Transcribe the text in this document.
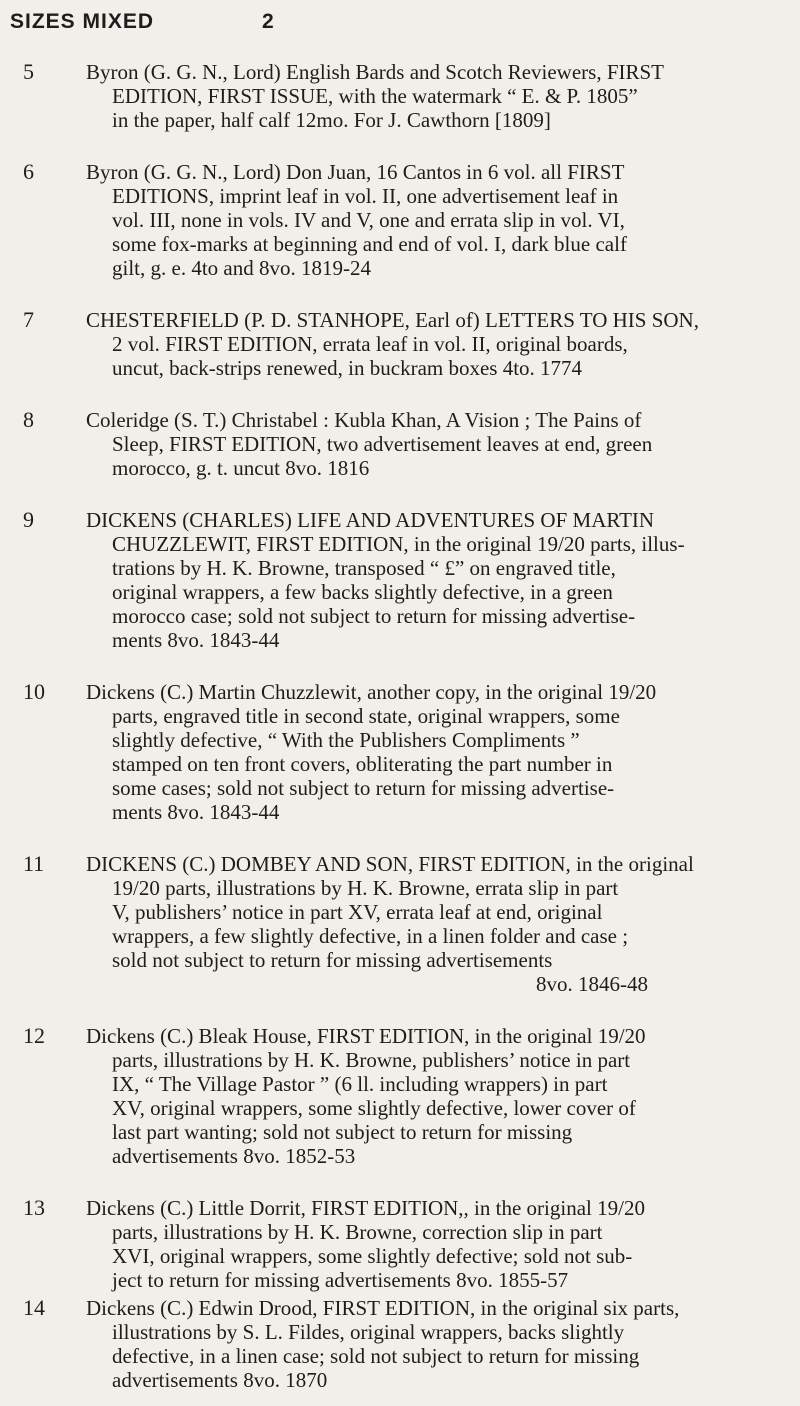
SIZES MIXED	2
5	Byron (G. G. N., Lord) English Bards and Scotch Reviewers, FIRST
EDITION, FIRST ISSUE, with the watermark “ E. & P. 1805”
in the paper, half calf 12mo. For J. Cawthorn [1809]
6	Byron (G. G. N., Lord) Don Juan, 16 Cantos in 6 vol. all FIRST
EDITIONS, imprint leaf in vol. II, one advertisement leaf in
vol. III, none in vols. IV and V, one and errata slip in vol. VI,
some fox-marks at beginning and end of vol. I, dark blue calf
gilt, g. e. 4to and 8vo. 1819-24
7	CHESTERFIELD (P. D. STANHOPE, Earl of) LETTERS TO HIS SON,
2 vol. FIRST EDITION, errata leaf in vol. II, original boards,
uncut, back-strips renewed, in buckram boxes 4to. 1774
8	Coleridge (S. T.) Christabel : Kubla Khan, A Vision ; The Pains of
Sleep, FIRST EDITION, two advertisement leaves at end, green
morocco, g. t. uncut 8vo. 1816
9	DICKENS (CHARLES) LIFE AND ADVENTURES OF MARTIN
CHUZZLEWIT, FIRST EDITION, in the original 19/20 parts, illus-
trations by H. K. Browne, transposed “ £” on engraved title,
original wrappers, a few backs slightly defective, in a green
morocco case; sold not subject to return for missing advertise-
ments 8vo. 1843-44
10	Dickens (C.) Martin Chuzzlewit, another copy, in the original 19/20
parts, engraved title in second state, original wrappers, some
slightly defective, “ With the Publishers Compliments ”
stamped on ten front covers, obliterating the part number in
some cases; sold not subject to return for missing advertise-
ments 8vo. 1843-44
11	DICKENS (C.) DOMBEY AND SON, FIRST EDITION, in the original
19/20 parts, illustrations by H. K. Browne, errata slip in part
V, publishers’ notice in part XV, errata leaf at end, original
wrappers, a few slightly defective, in a linen folder and case ;
sold not subject to return for missing advertisements
8vo. 1846-48
12	Dickens (C.) Bleak House, FIRST EDITION, in the original 19/20
parts, illustrations by H. K. Browne, publishers’ notice in part
IX, “ The Village Pastor ” (6 ll. including wrappers) in part
XV, original wrappers, some slightly defective, lower cover of
last part wanting; sold not subject to return for missing
advertisements 8vo. 1852-53
13	Dickens (C.) Little Dorrit, FIRST EDITION,, in the original 19/20
parts, illustrations by H. K. Browne, correction slip in part
XVI, original wrappers, some slightly defective; sold not sub-
ject to return for missing advertisements 8vo. 1855-57
14	Dickens (C.) Edwin Drood, FIRST EDITION, in the original six parts,
illustrations by S. L. Fildes, original wrappers, backs slightly
defective, in a linen case; sold not subject to return for missing
advertisements 8vo. 1870
